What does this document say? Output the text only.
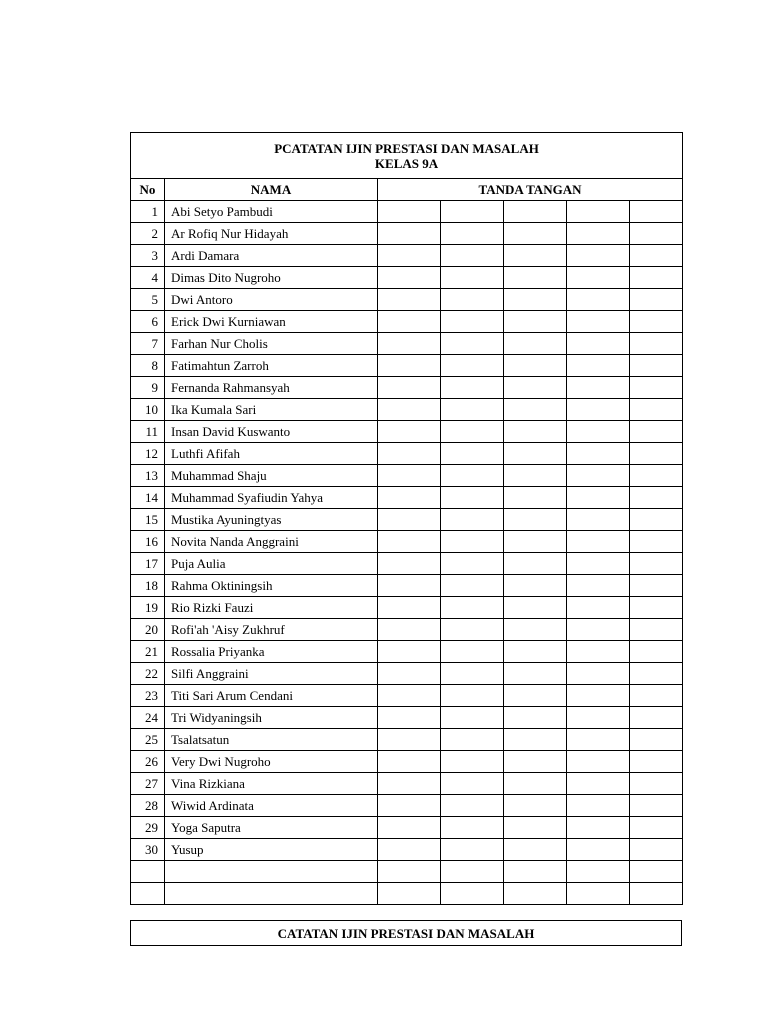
PCATATAN IJIN PRESTASI DAN MASALAH
KELAS 9A						

No	NAMA	TANDA TANGAN				
1	Abi Setyo Pambudi					
2	Ar Rofiq Nur Hidayah					
3	Ardi Damara					
4	Dimas Dito Nugroho					
5	Dwi Antoro					
6	Erick Dwi Kurniawan					
7	Farhan Nur Cholis					
8	Fatimahtun Zarroh					
9	Fernanda Rahmansyah					
10	Ika Kumala Sari					
11	Insan David Kuswanto					
12	Luthfi Afifah					
13	Muhammad Shaju					
14	Muhammad Syafiudin Yahya					
15	Mustika Ayuningtyas					
16	Novita Nanda Anggraini					
17	Puja Aulia					
18	Rahma Oktiningsih					
19	Rio Rizki Fauzi					
20	Rofi'ah 'Aisy Zukhruf					
21	Rossalia Priyanka					
22	Silfi Anggraini					
23	Titi Sari Arum Cendani					
24	Tri Widyaningsih					
25	Tsalatsatun					
26	Very Dwi Nugroho					
27	Vina Rizkiana					
28	Wiwid Ardinata					
29	Yoga Saputra					
30	Yusup					

CATATAN IJIN PRESTASI DAN MASALAH
